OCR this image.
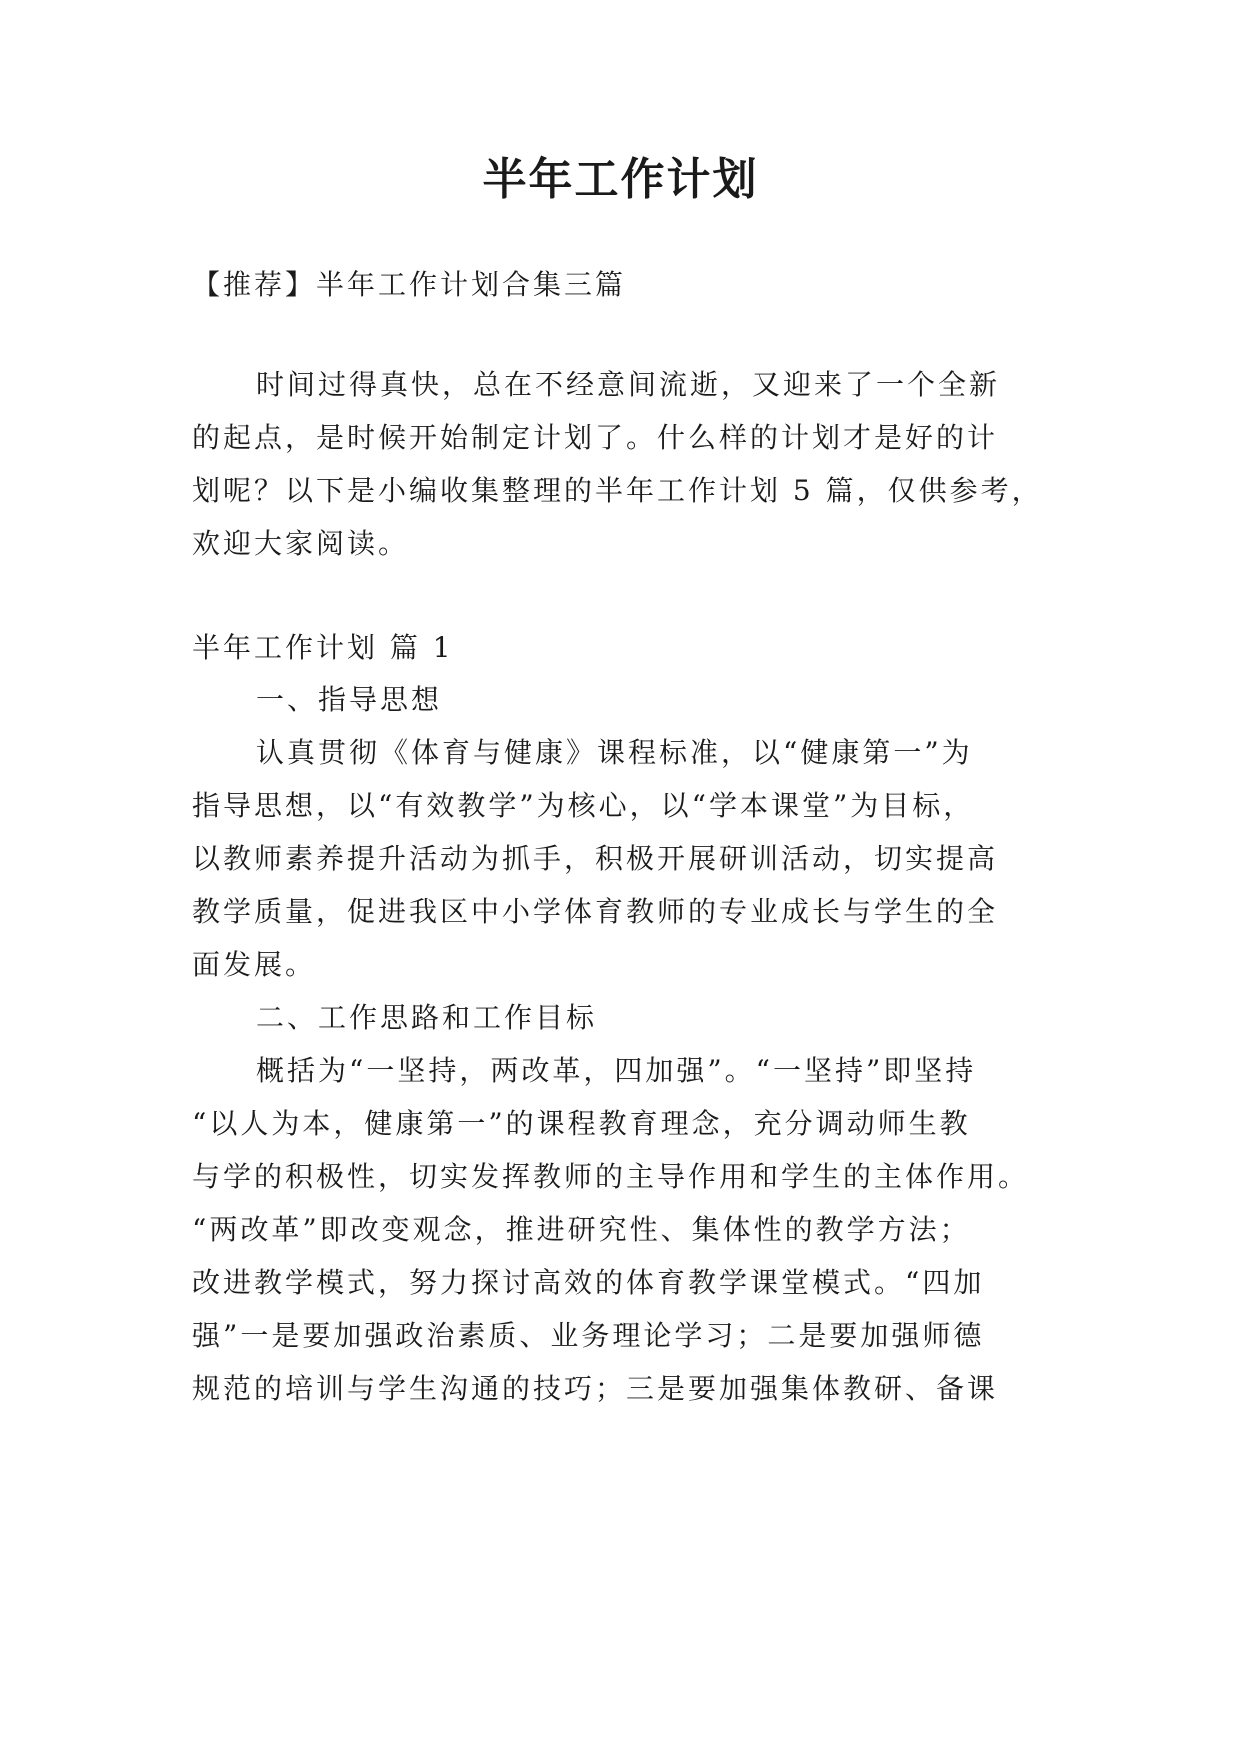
半年工作计划

【推荐】半年工作计划合集三篇

时间过得真快，总在不经意间流逝，又迎来了一个全新

的起点，是时候开始制定计划了。什么样的计划才是好的计

划呢？以下是小编收集整理的半年工作计划 5 篇，仅供参考，

欢迎大家阅读。

半年工作计划 篇 1

一、指导思想

认真贯彻《体育与健康》课程标准，以“健康第一”为

指导思想，以“有效教学”为核心，以“学本课堂”为目标，

以教师素养提升活动为抓手，积极开展研训活动，切实提高

教学质量，促进我区中小学体育教师的专业成长与学生的全

面发展。

二、工作思路和工作目标

概括为“一坚持，两改革，四加强”。“一坚持”即坚持

“以人为本，健康第一”的课程教育理念，充分调动师生教

与学的积极性，切实发挥教师的主导作用和学生的主体作用。

“两改革”即改变观念，推进研究性、集体性的教学方法；

改进教学模式，努力探讨高效的体育教学课堂模式。“四加

强”一是要加强政治素质、业务理论学习；二是要加强师德

规范的培训与学生沟通的技巧；三是要加强集体教研、备课
